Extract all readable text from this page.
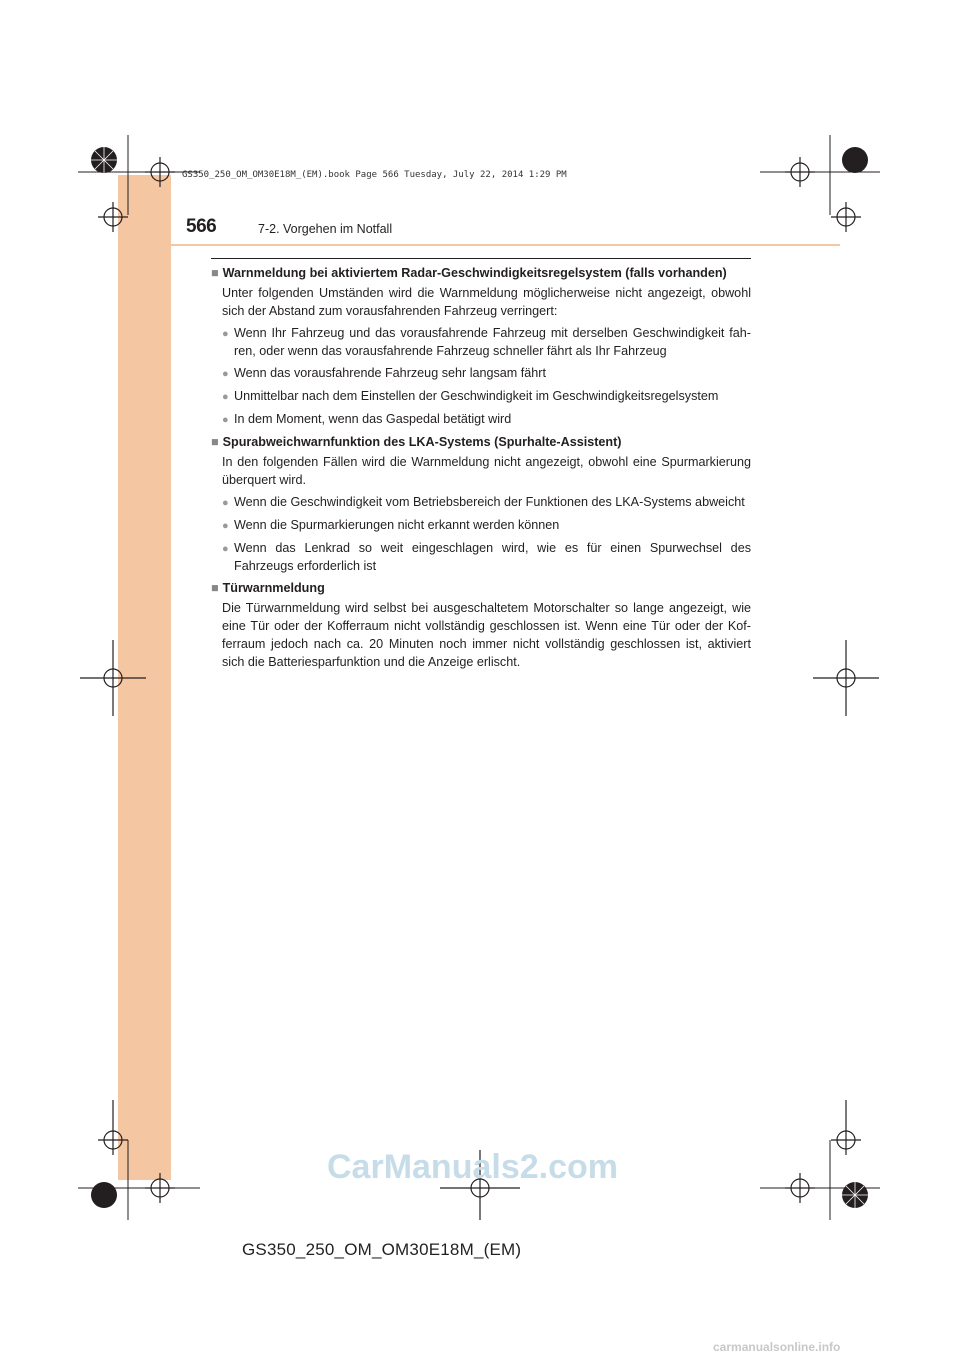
GS350_250_OM_OM30E18M_(EM).book Page 566 Tuesday, July 22, 2014 1:29 PM
566	7-2. Vorgehen im Notfall
■ Warnmeldung bei aktiviertem Radar-Geschwindigkeitsregelsystem (falls vorhanden)
Unter folgenden Umständen wird die Warnmeldung möglicherweise nicht angezeigt, obwohl sich der Abstand zum vorausfahrenden Fahrzeug verringert:
● Wenn Ihr Fahrzeug und das vorausfahrende Fahrzeug mit derselben Geschwindigkeit fah-ren, oder wenn das vorausfahrende Fahrzeug schneller fährt als Ihr Fahrzeug
● Wenn das vorausfahrende Fahrzeug sehr langsam fährt
● Unmittelbar nach dem Einstellen der Geschwindigkeit im Geschwindigkeitsregelsystem
● In dem Moment, wenn das Gaspedal betätigt wird
■ Spurabweichwarnfunktion des LKA-Systems (Spurhalte-Assistent)
In den folgenden Fällen wird die Warnmeldung nicht angezeigt, obwohl eine Spurmarkierung überquert wird.
● Wenn die Geschwindigkeit vom Betriebsbereich der Funktionen des LKA-Systems abweicht
● Wenn die Spurmarkierungen nicht erkannt werden können
● Wenn das Lenkrad so weit eingeschlagen wird, wie es für einen Spurwechsel des Fahrzeugs erforderlich ist
■ Türwarnmeldung
Die Türwarnmeldung wird selbst bei ausgeschaltetem Motorschalter so lange angezeigt, wie eine Tür oder der Kofferraum nicht vollständig geschlossen ist. Wenn eine Tür oder der Kof-ferraum jedoch nach ca. 20 Minuten noch immer nicht vollständig geschlossen ist, aktiviert sich die Batteriesparfunktion und die Anzeige erlischt.
CarManuals2.com
GS350_250_OM_OM30E18M_(EM)
carmanualsonline.info
